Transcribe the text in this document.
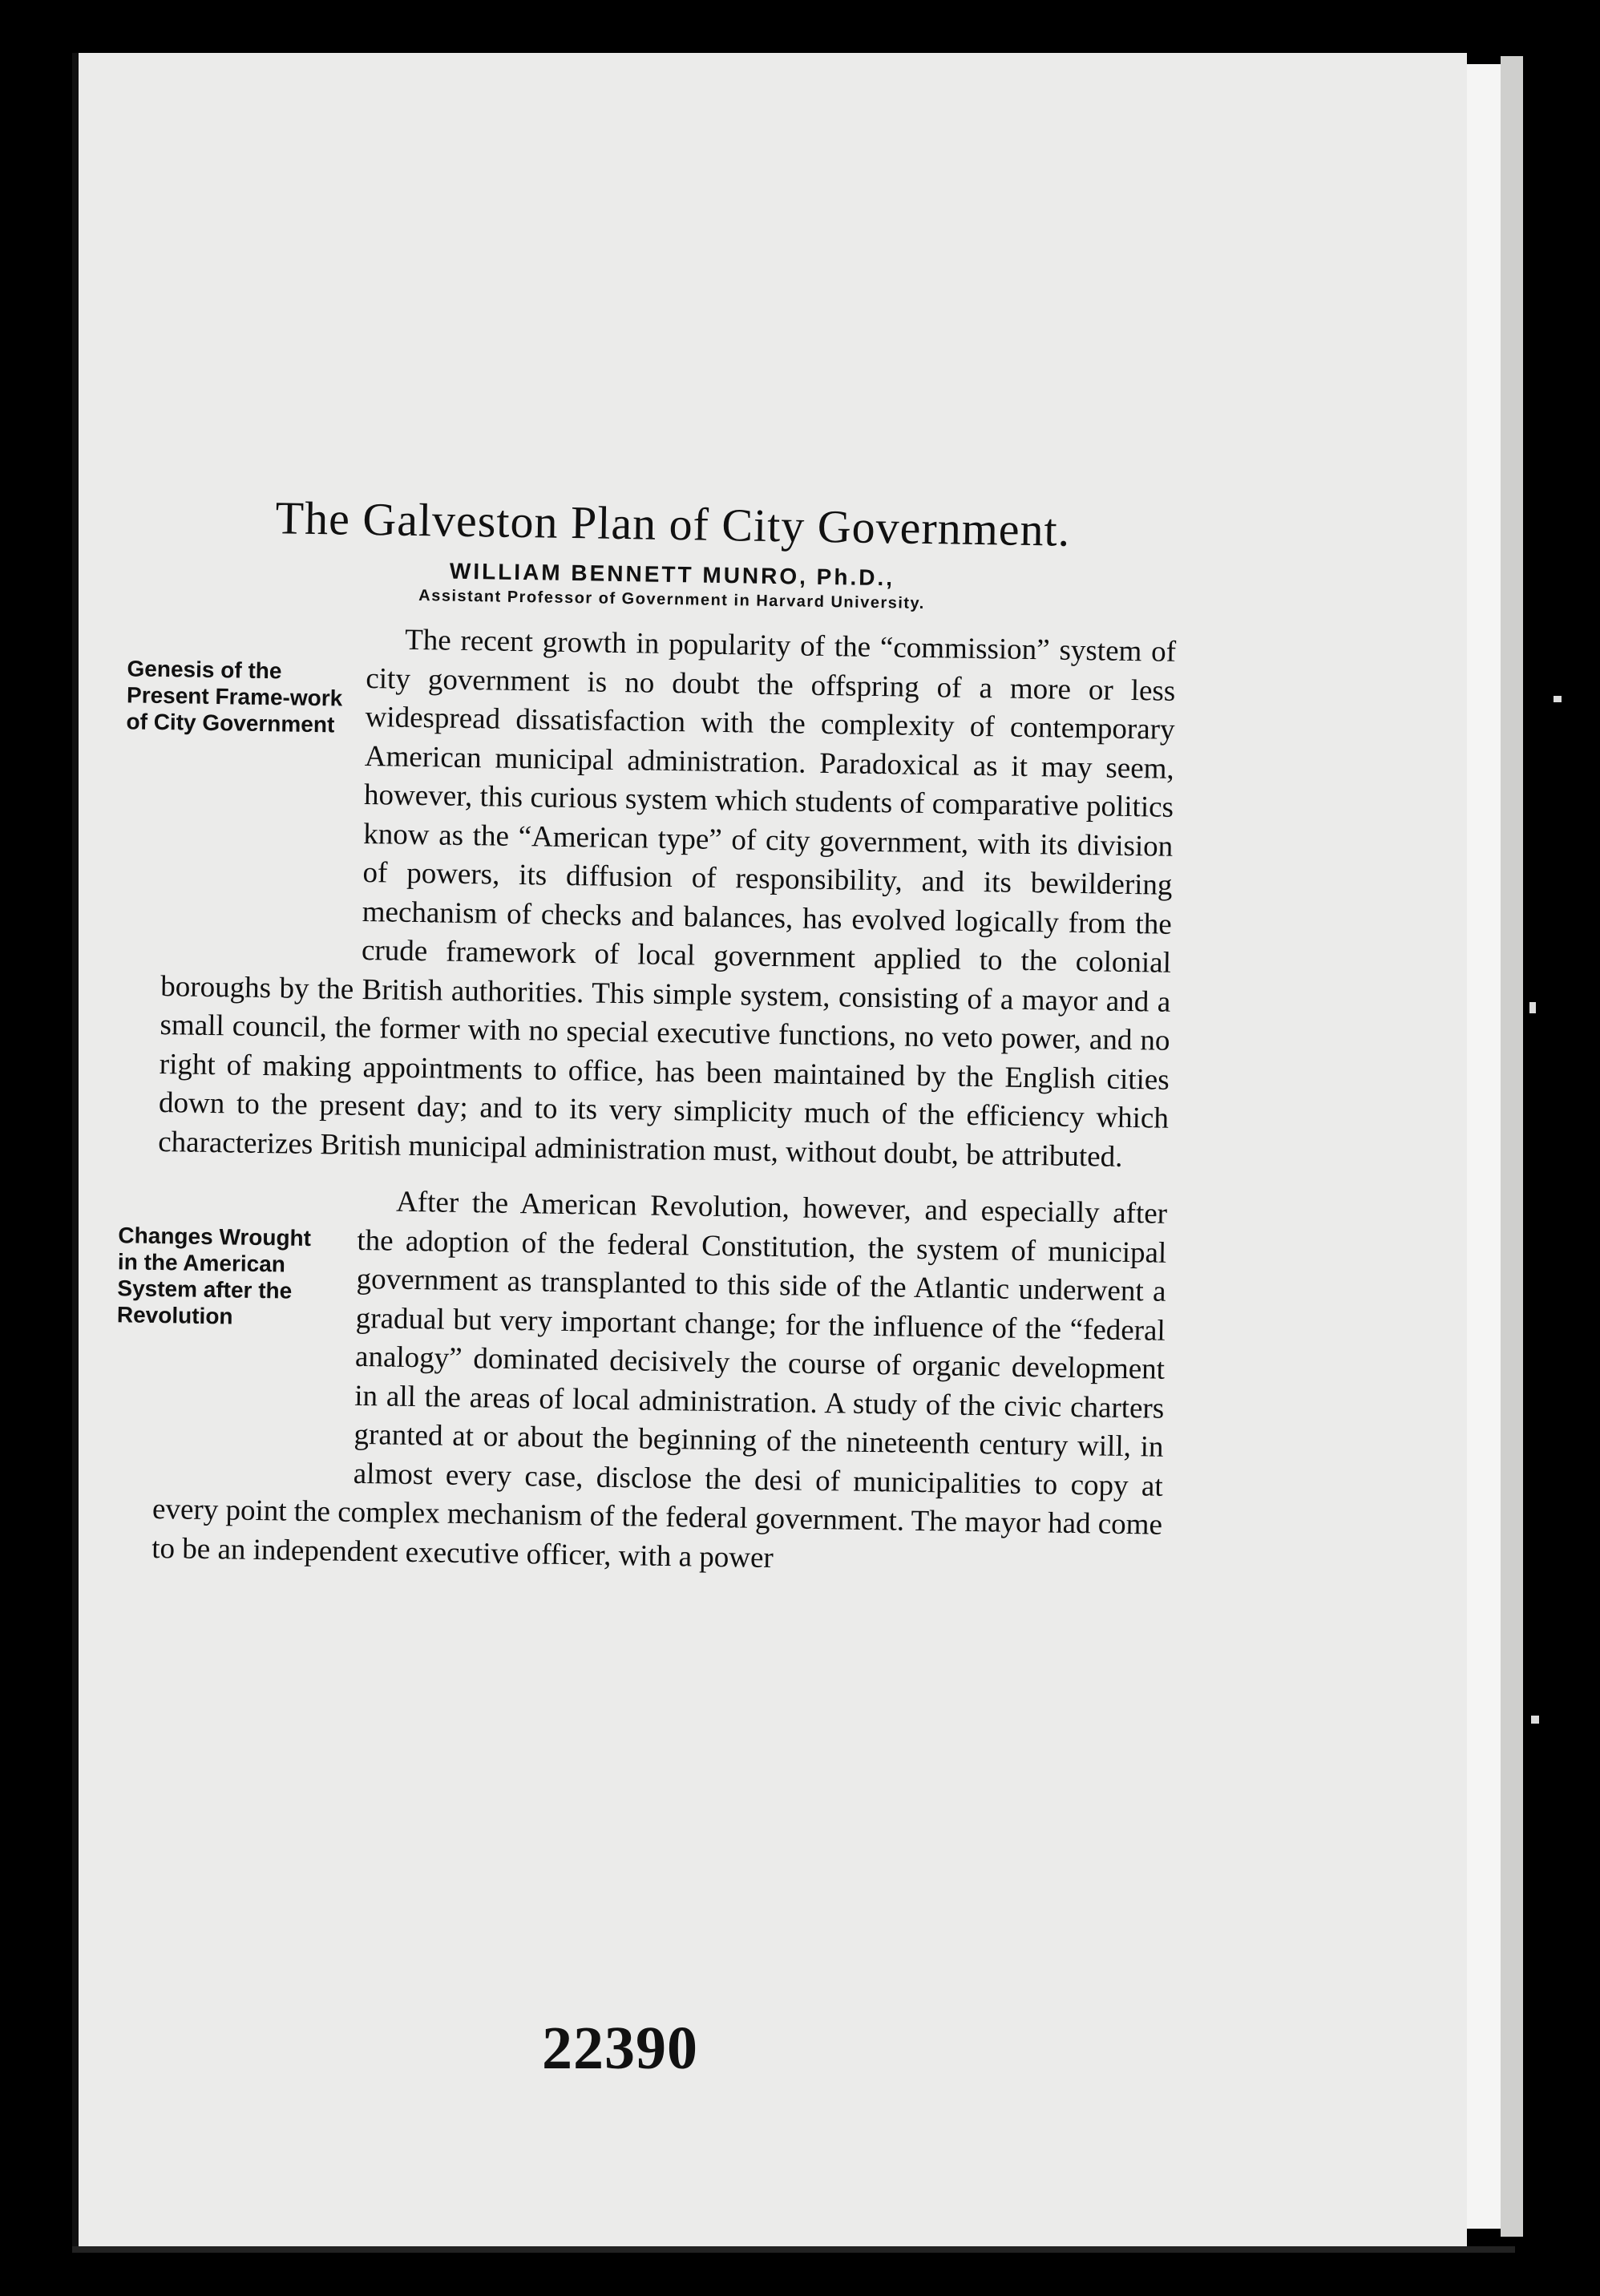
The Galveston Plan of City Government.
WILLIAM BENNETT MUNRO, Ph.D.,
Assistant Professor of Government in Harvard University.
Genesis of the Present Frame-work of City Government
The recent growth in popularity of the “commission” system of city government is no doubt the offspring of a more or less widespread dissatisfaction with the complexity of contemporary American municipal administration. Paradoxical as it may seem, however, this curious system which students of comparative politics know as the “American type” of city government, with its division of powers, its diffusion of responsibility, and its bewildering mechanism of checks and balances, has evolved logically from the crude framework of local government applied to the colonial boroughs by the British authorities. This simple system, consisting of a mayor and a small council, the former with no special executive functions, no veto power, and no right of making appointments to office, has been maintained by the English cities down to the present day; and to its very simplicity much of the efficiency which characterizes British municipal administration must, without doubt, be attributed.
Changes Wrought in the American System after the Revolution
After the American Revolution, however, and especially after the adoption of the federal Constitution, the system of municipal government as transplanted to this side of the Atlantic underwent a gradual but very important change; for the influence of the “federal analogy” dominated decisively the course of organic development in all the areas of local administration. A study of the civic charters granted at or about the beginning of the nineteenth century will, in almost every case, disclose the desi of municipalities to copy at every point the complex mechanism of the federal government. The mayor had come to be an independent executive officer, with a power
22390
